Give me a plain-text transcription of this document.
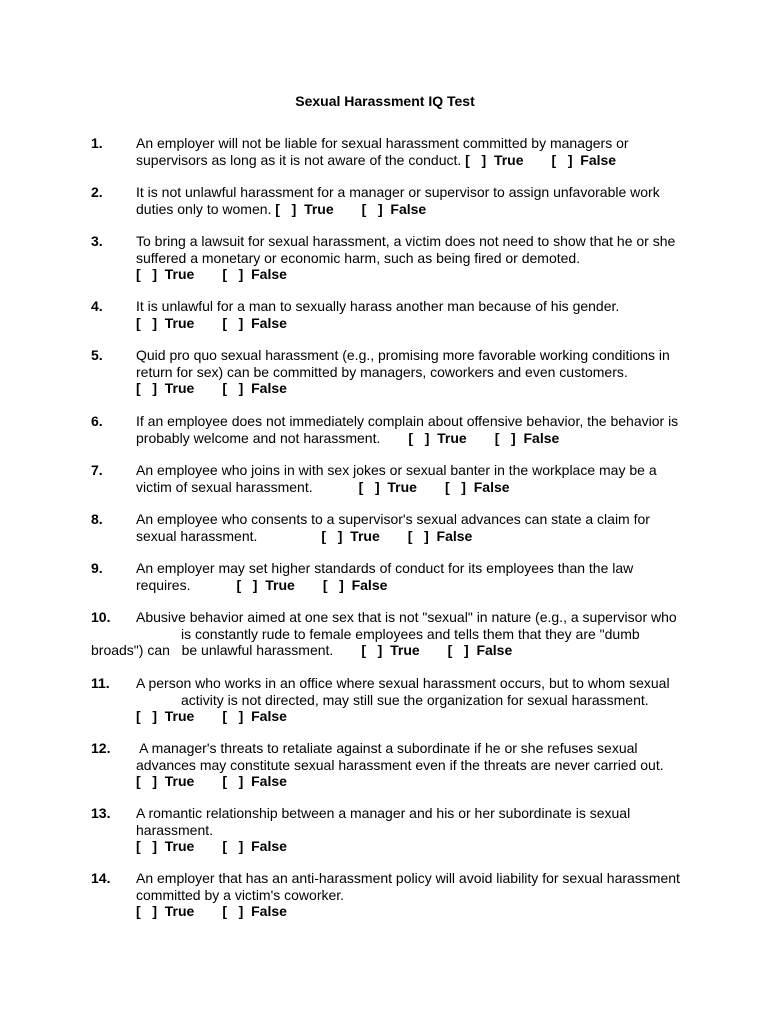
Sexual Harassment IQ Test
1. An employer will not be liable for sexual harassment committed by managers or
supervisors as long as it is not aware of the conduct. [   ]  True [   ]  False
2. It is not unlawful harassment for a manager or supervisor to assign unfavorable work
duties only to women. [   ]  True [   ]  False
3. To bring a lawsuit for sexual harassment, a victim does not need to show that he or she
suffered a monetary or economic harm, such as being fired or demoted.
[   ]  True [   ]  False
4. It is unlawful for a man to sexually harass another man because of his gender.
[   ]  True [   ]  False
5. Quid pro quo sexual harassment (e.g., promising more favorable working conditions in
return for sex) can be committed by managers, coworkers and even customers.
[   ]  True [   ]  False
6. If an employee does not immediately complain about offensive behavior, the behavior is
probably welcome and not harassment. [   ]  True [   ]  False
7. An employee who joins in with sex jokes or sexual banter in the workplace may be a
victim of sexual harassment.	[   ]  True [   ]  False
8. An employee who consents to a supervisor's sexual advances can state a claim for
sexual harassment.	[   ]  True [   ]  False
9. An employer may set higher standards of conduct for its employees than the law
requires.	[   ]  True [   ]  False
10. Abusive behavior aimed at one sex that is not "sexual" in nature (e.g., a supervisor who
is constantly rude to female employees and tells them that they are "dumb
broads") can   be unlawful harassment. [   ]  True [   ]  False
11. A person who works in an office where sexual harassment occurs, but to whom sexual
activity is not directed, may still sue the organization for sexual harassment.
[   ]  True [   ]  False
12. A manager's threats to retaliate against a subordinate if he or she refuses sexual
advances may constitute sexual harassment even if the threats are never carried out.
[   ]  True [   ]  False
13. A romantic relationship between a manager and his or her subordinate is sexual
harassment.
[   ]  True [   ]  False
14. An employer that has an anti-harassment policy will avoid liability for sexual harassment
committed by a victim's coworker.
[   ]  True [   ]  False
